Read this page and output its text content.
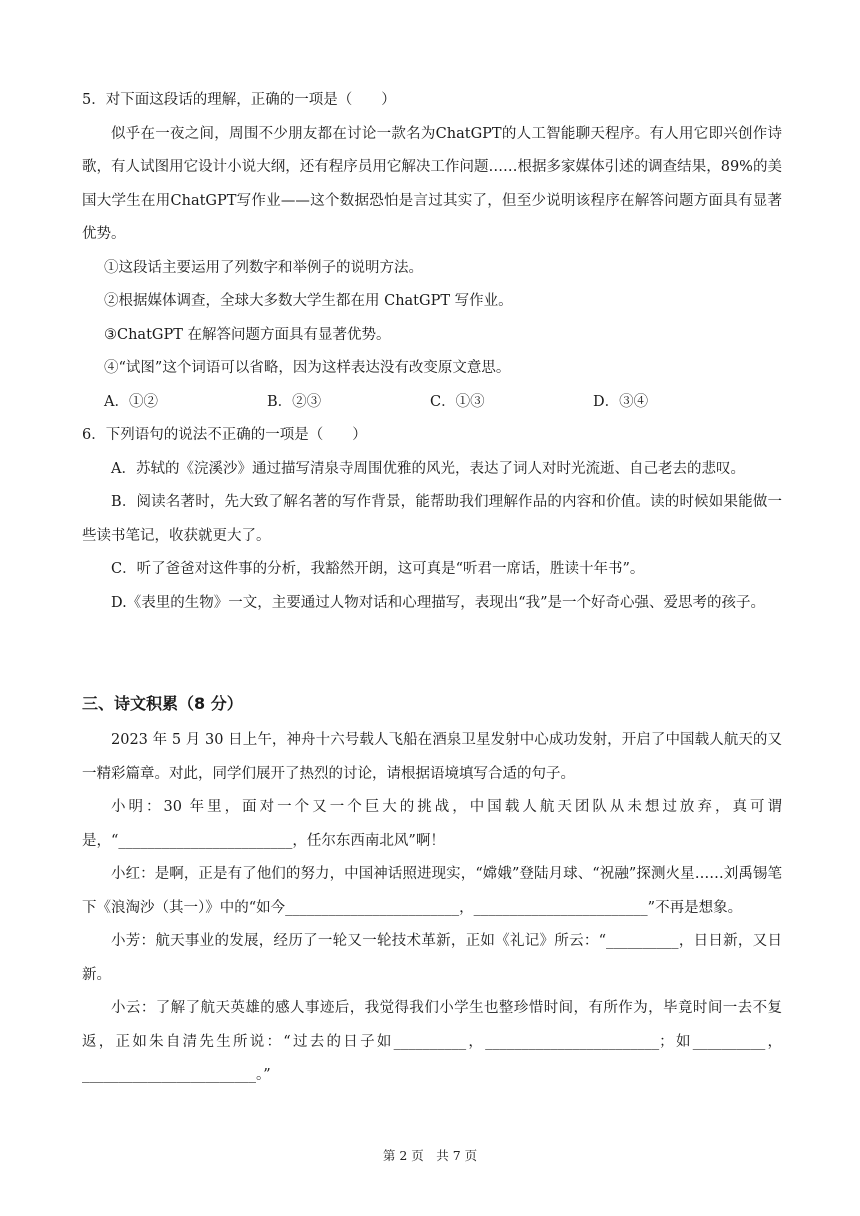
5．对下面这段话的理解，正确的一项是（　　）

似乎在一夜之间，周围不少朋友都在讨论一款名为ChatGPT的人工智能聊天程序。有人用它即兴创作诗歌，有人试图用它设计小说大纲，还有程序员用它解决工作问题……根据多家媒体引述的调查结果，89%的美国大学生在用ChatGPT写作业——这个数据恐怕是言过其实了，但至少说明该程序在解答问题方面具有显著优势。

①这段话主要运用了列数字和举例子的说明方法。

②根据媒体调查，全球大多数大学生都在用 ChatGPT 写作业。

③ChatGPT 在解答问题方面具有显著优势。

④“试图”这个词语可以省略，因为这样表达没有改变原文意思。

A．①②	B．②③	C．①③	D．③④

6．下列语句的说法不正确的一项是（　　）

A．苏轼的《浣溪沙》通过描写清泉寺周围优雅的风光，表达了词人对时光流逝、自己老去的悲叹。

B．阅读名著时，先大致了解名著的写作背景，能帮助我们理解作品的内容和价值。读的时候如果能做一些读书笔记，收获就更大了。

C．听了爸爸对这件事的分析，我豁然开朗，这可真是“听君一席话，胜读十年书”。

D.《表里的生物》一文，主要通过人物对话和心理描写，表现出“我”是一个好奇心强、爱思考的孩子。

三、诗文积累（8 分）

2023 年 5 月 30 日上午，神舟十六号载人飞船在酒泉卫星发射中心成功发射，开启了中国载人航天的又一精彩篇章。对此，同学们展开了热烈的讨论，请根据语境填写合适的句子。

小明：30 年里，面对一个又一个巨大的挑战，中国载人航天团队从未想过放弃，真可谓是，“________________________，任尔东西南北风”啊！

小红：是啊，正是有了他们的努力，中国神话照进现实，“嫦娥”登陆月球、“祝融”探测火星……刘禹锡笔下《浪淘沙（其一）》中的“如今________________________，________________________”不再是想象。

小芳：航天事业的发展，经历了一轮又一轮技术革新，正如《礼记》所云：“__________，日日新，又日新。

小云：了解了航天英雄的感人事迹后，我觉得我们小学生也整珍惜时间，有所作为，毕竟时间一去不复返，正如朱自清先生所说：“过去的日子如__________，________________________；如__________，________________________。”

第 2 页　共 7 页
